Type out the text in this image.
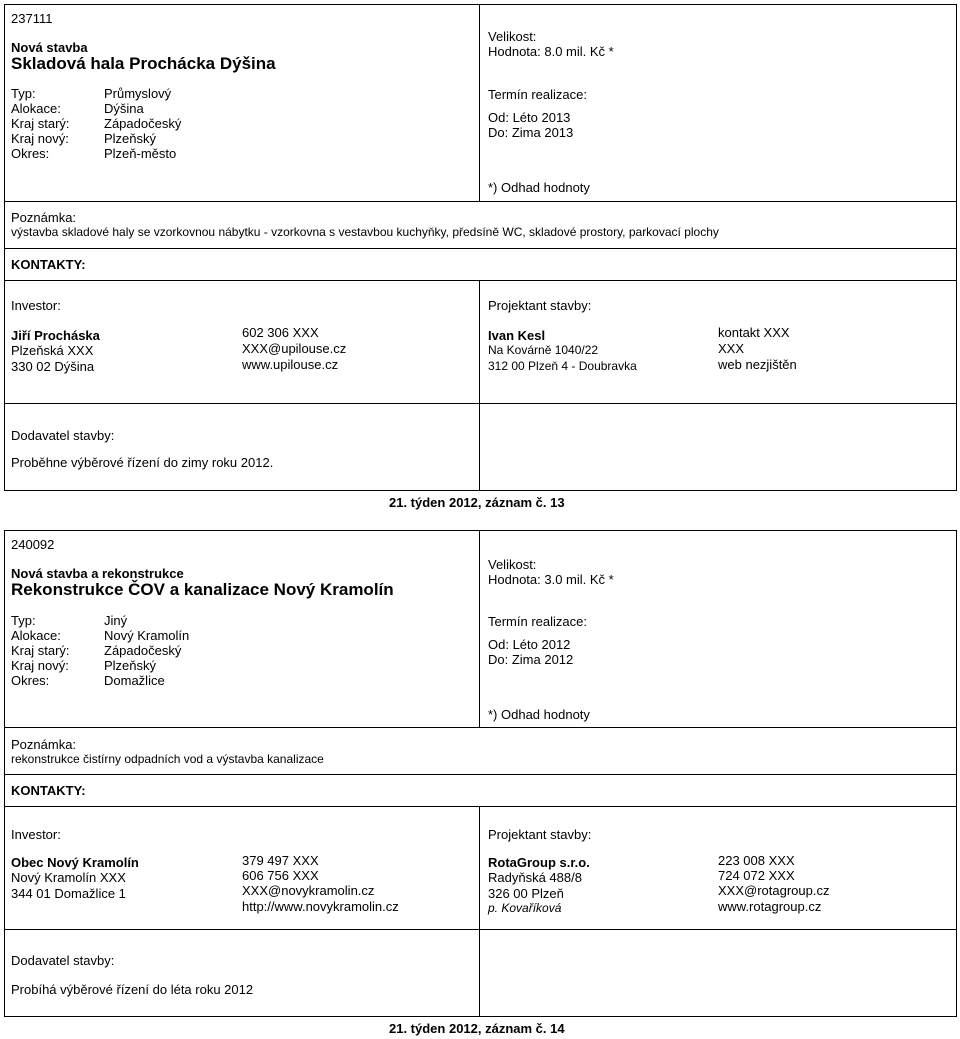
237111
Nová stavba
Skladová hala Prochácka Dýšina
Typ:
Alokace:
Kraj starý:
Kraj nový:
Okres:
Průmyslový
Dýšina
Západočeský
Plzeňský
Plzeň-město
Velikost:
Hodnota: 8.0 mil. Kč *
Termín realizace:
Od: Léto 2013
Do: Zima 2013
*) Odhad hodnoty
Poznámka:
výstavba skladové haly se vzorkovnou nábytku - vzorkovna s vestavbou kuchyňky, předsíně WC, skladové prostory, parkovací plochy
KONTAKTY:
Investor:
Jiří Procháska
Plzeňská XXX
330 02 Dýšina
602 306 XXX
XXX@upilouse.cz
www.upilouse.cz
Projektant stavby:
Ivan Kesl
Na Kovárně 1040/22
312 00 Plzeň 4 - Doubravka
kontakt XXX
XXX
web nezjištěn
Dodavatel stavby:
Proběhne výběrové řízení do zimy roku 2012.
21. týden 2012, záznam č. 13
240092
Nová stavba a rekonstrukce
Rekonstrukce ČOV a kanalizace Nový Kramolín
Typ:
Alokace:
Kraj starý:
Kraj nový:
Okres:
Jiný
Nový Kramolín
Západočeský
Plzeňský
Domažlice
Velikost:
Hodnota: 3.0 mil. Kč *
Termín realizace:
Od: Léto 2012
Do: Zima 2012
*) Odhad hodnoty
Poznámka:
rekonstrukce čistírny odpadních vod a výstavba kanalizace
KONTAKTY:
Investor:
Obec Nový Kramolín
Nový Kramolín XXX
344 01 Domažlice 1
379 497 XXX
606 756 XXX
XXX@novykramolin.cz
http://www.novykramolin.cz
Projektant stavby:
RotaGroup s.r.o.
Radyňská 488/8
326 00 Plzeň
p. Kovaříková
223 008 XXX
724 072 XXX
XXX@rotagroup.cz
www.rotagroup.cz
Dodavatel stavby:
Probíhá výběrové řízení do léta roku 2012
21. týden 2012, záznam č. 14
